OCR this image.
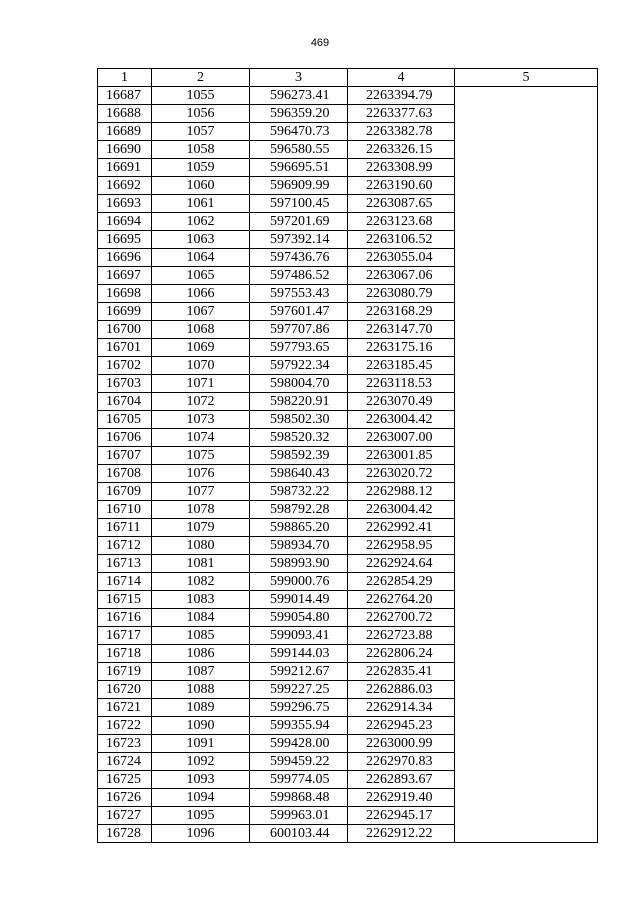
469
1	2	3	4	5
16687	1055	596273.41	2263394.79	
16688	1056	596359.20	2263377.63	
16689	1057	596470.73	2263382.78	
16690	1058	596580.55	2263326.15	
16691	1059	596695.51	2263308.99	
16692	1060	596909.99	2263190.60	
16693	1061	597100.45	2263087.65	
16694	1062	597201.69	2263123.68	
16695	1063	597392.14	2263106.52	
16696	1064	597436.76	2263055.04	
16697	1065	597486.52	2263067.06	
16698	1066	597553.43	2263080.79	
16699	1067	597601.47	2263168.29	
16700	1068	597707.86	2263147.70	
16701	1069	597793.65	2263175.16	
16702	1070	597922.34	2263185.45	
16703	1071	598004.70	2263118.53	
16704	1072	598220.91	2263070.49	
16705	1073	598502.30	2263004.42	
16706	1074	598520.32	2263007.00	
16707	1075	598592.39	2263001.85	
16708	1076	598640.43	2263020.72	
16709	1077	598732.22	2262988.12	
16710	1078	598792.28	2263004.42	
16711	1079	598865.20	2262992.41	
16712	1080	598934.70	2262958.95	
16713	1081	598993.90	2262924.64	
16714	1082	599000.76	2262854.29	
16715	1083	599014.49	2262764.20	
16716	1084	599054.80	2262700.72	
16717	1085	599093.41	2262723.88	
16718	1086	599144.03	2262806.24	
16719	1087	599212.67	2262835.41	
16720	1088	599227.25	2262886.03	
16721	1089	599296.75	2262914.34	
16722	1090	599355.94	2262945.23	
16723	1091	599428.00	2263000.99	
16724	1092	599459.22	2262970.83	
16725	1093	599774.05	2262893.67	
16726	1094	599868.48	2262919.40	
16727	1095	599963.01	2262945.17	
16728	1096	600103.44	2262912.22	
